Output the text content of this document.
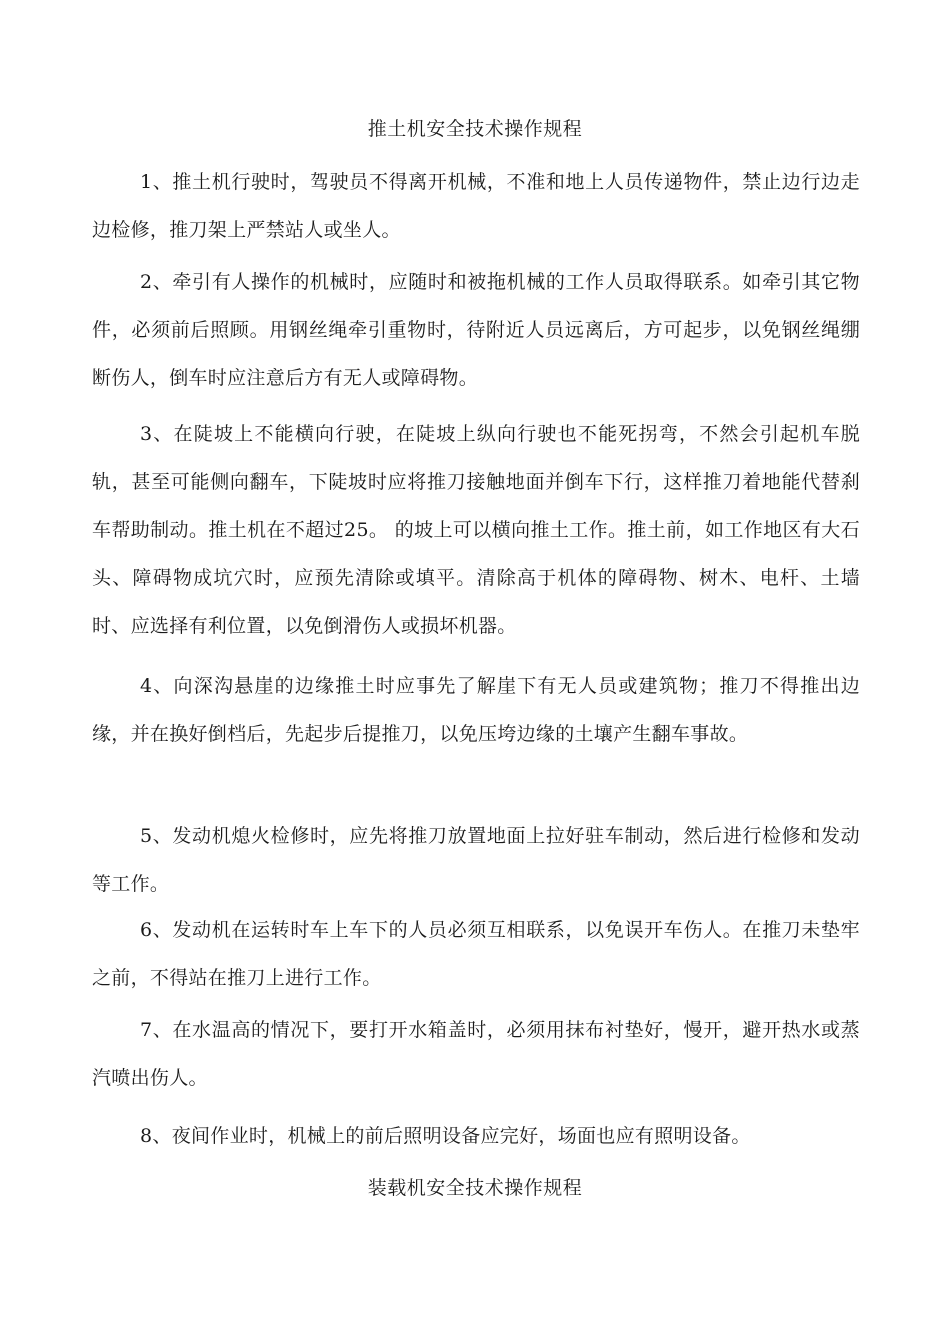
推土机安全技术操作规程

1、推土机行驶时，驾驶员不得离开机械，不准和地上人员传递物件，禁止边行边走边检修，推刀架上严禁站人或坐人。

2、牵引有人操作的机械时，应随时和被拖机械的工作人员取得联系。如牵引其它物件，必须前后照顾。用钢丝绳牵引重物时，待附近人员远离后，方可起步，以免钢丝绳绷断伤人，倒车时应注意后方有无人或障碍物。

3、在陡坡上不能横向行驶，在陡坡上纵向行驶也不能死拐弯，不然会引起机车脱轨，甚至可能侧向翻车，下陡坡时应将推刀接触地面并倒车下行，这样推刀着地能代替刹车帮助制动。推土机在不超过25。 的坡上可以横向推土工作。推土前，如工作地区有大石头、障碍物成坑穴时，应预先清除或填平。清除高于机体的障碍物、树木、电杆、土墙时、应选择有利位置，以免倒滑伤人或损坏机器。

4、向深沟悬崖的边缘推土时应事先了解崖下有无人员或建筑物；推刀不得推出边缘，并在换好倒档后，先起步后提推刀，以免压垮边缘的土壤产生翻车事故。

5、发动机熄火检修时，应先将推刀放置地面上拉好驻车制动，然后进行检修和发动等工作。

6、发动机在运转时车上车下的人员必须互相联系，以免误开车伤人。在推刀未垫牢之前，不得站在推刀上进行工作。

7、在水温高的情况下，要打开水箱盖时，必须用抹布衬垫好，慢开，避开热水或蒸汽喷出伤人。

8、夜间作业时，机械上的前后照明设备应完好，场面也应有照明设备。

装载机安全技术操作规程
